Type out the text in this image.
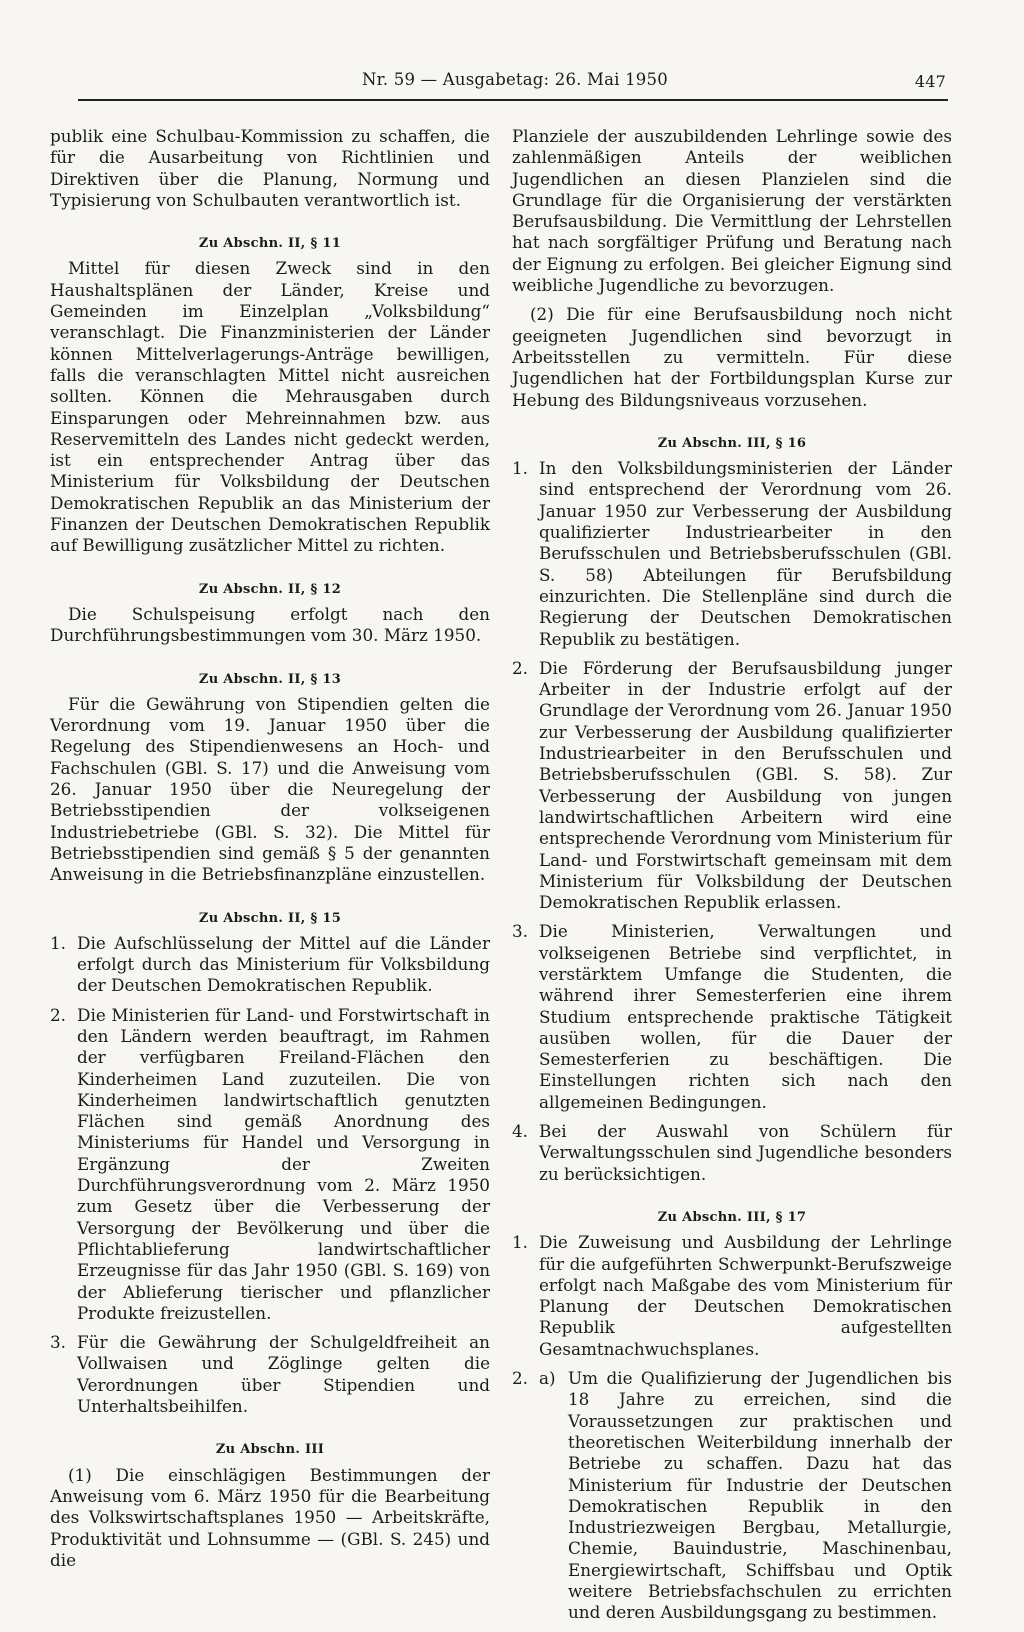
Nr. 59 — Ausgabetag: 26. Mai 1950	447

publik eine Schulbau-Kommission zu schaffen, die für die Ausarbeitung von Richtlinien und Direktiven über die Planung, Normung und Typisierung von Schulbauten verantwortlich ist.

Zu Abschn. II, § 11

Mittel für diesen Zweck sind in den Haushaltsplänen der Länder, Kreise und Gemeinden im Einzelplan „Volksbildung“ veranschlagt. Die Finanzministerien der Länder können Mittelverlagerungs-Anträge bewilligen, falls die veranschlagten Mittel nicht ausreichen sollten. Können die Mehrausgaben durch Einsparungen oder Mehreinnahmen bzw. aus Reservemitteln des Landes nicht gedeckt werden, ist ein entsprechender Antrag über das Ministerium für Volksbildung der Deutschen Demokratischen Republik an das Ministerium der Finanzen der Deutschen Demokratischen Republik auf Bewilligung zusätzlicher Mittel zu richten.

Zu Abschn. II, § 12

Die Schulspeisung erfolgt nach den Durchführungsbestimmungen vom 30. März 1950.

Zu Abschn. II, § 13

Für die Gewährung von Stipendien gelten die Verordnung vom 19. Januar 1950 über die Regelung des Stipendienwesens an Hoch- und Fachschulen (GBl. S. 17) und die Anweisung vom 26. Januar 1950 über die Neuregelung der Betriebsstipendien der volkseigenen Industriebetriebe (GBl. S. 32). Die Mittel für Betriebsstipendien sind gemäß § 5 der genannten Anweisung in die Betriebsfinanzpläne einzustellen.

Zu Abschn. II, § 15
1. Die Aufschlüsselung der Mittel auf die Länder erfolgt durch das Ministerium für Volksbildung der Deutschen Demokratischen Republik.
2. Die Ministerien für Land- und Forstwirtschaft in den Ländern werden beauftragt, im Rahmen der verfügbaren Freiland-Flächen den Kinderheimen Land zuzuteilen. Die von Kinderheimen landwirtschaftlich genutzten Flächen sind gemäß Anordnung des Ministeriums für Handel und Versorgung in Ergänzung der Zweiten Durchführungsverordnung vom 2. März 1950 zum Gesetz über die Verbesserung der Versorgung der Bevölkerung und über die Pflichtablieferung landwirtschaftlicher Erzeugnisse für das Jahr 1950 (GBl. S. 169) von der Ablieferung tierischer und pflanzlicher Produkte freizustellen.
3. Für die Gewährung der Schulgeldfreiheit an Vollwaisen und Zöglinge gelten die Verordnungen über Stipendien und Unterhaltsbeihilfen.
Zu Abschn. III

(1) Die einschlägigen Bestimmungen der Anweisung vom 6. März 1950 für die Bearbeitung des Volkswirtschaftsplanes 1950 — Arbeitskräfte, Produktivität und Lohnsumme — (GBl. S. 245) und die

Planziele der auszubildenden Lehrlinge sowie des zahlenmäßigen Anteils der weiblichen Jugendlichen an diesen Planzielen sind die Grundlage für die Organisierung der verstärkten Berufsausbildung. Die Vermittlung der Lehrstellen hat nach sorgfältiger Prüfung und Beratung nach der Eignung zu erfolgen. Bei gleicher Eignung sind weibliche Jugendliche zu bevorzugen.

(2) Die für eine Berufsausbildung noch nicht geeigneten Jugendlichen sind bevorzugt in Arbeitsstellen zu vermitteln. Für diese Jugendlichen hat der Fortbildungsplan Kurse zur Hebung des Bildungsniveaus vorzusehen.

Zu Abschn. III, § 16
1. In den Volksbildungsministerien der Länder sind entsprechend der Verordnung vom 26. Januar 1950 zur Verbesserung der Ausbildung qualifizierter Industriearbeiter in den Berufsschulen und Betriebsberufsschulen (GBl. S. 58) Abteilungen für Berufsbildung einzurichten. Die Stellenpläne sind durch die Regierung der Deutschen Demokratischen Republik zu bestätigen.
2. Die Förderung der Berufsausbildung junger Arbeiter in der Industrie erfolgt auf der Grundlage der Verordnung vom 26. Januar 1950 zur Verbesserung der Ausbildung qualifizierter Industriearbeiter in den Berufsschulen und Betriebsberufsschulen (GBl. S. 58). Zur Verbesserung der Ausbildung von jungen landwirtschaftlichen Arbeitern wird eine entsprechende Verordnung vom Ministerium für Land- und Forstwirtschaft gemeinsam mit dem Ministerium für Volksbildung der Deutschen Demokratischen Republik erlassen.
3. Die Ministerien, Verwaltungen und volkseigenen Betriebe sind verpflichtet, in verstärktem Umfange die Studenten, die während ihrer Semesterferien eine ihrem Studium entsprechende praktische Tätigkeit ausüben wollen, für die Dauer der Semesterferien zu beschäftigen. Die Einstellungen richten sich nach den allgemeinen Bedingungen.
4. Bei der Auswahl von Schülern für Verwaltungsschulen sind Jugendliche besonders zu berücksichtigen.
Zu Abschn. III, § 17
1. Die Zuweisung und Ausbildung der Lehrlinge für die aufgeführten Schwerpunkt-Berufszweige erfolgt nach Maßgabe des vom Ministerium für Planung der Deutschen Demokratischen Republik aufgestellten Gesamtnachwuchsplanes.
2. a) Um die Qualifizierung der Jugendlichen bis 18 Jahre zu erreichen, sind die Voraussetzungen zur praktischen und theoretischen Weiterbildung innerhalb der Betriebe zu schaffen. Dazu hat das Ministerium für Industrie der Deutschen Demokratischen Republik in den Industriezweigen Bergbau, Metallurgie, Chemie, Bauindustrie, Maschinenbau, Energiewirtschaft, Schiffsbau und Optik weitere Betriebsfachschulen zu errichten und deren Ausbildungsgang zu bestimmen.
